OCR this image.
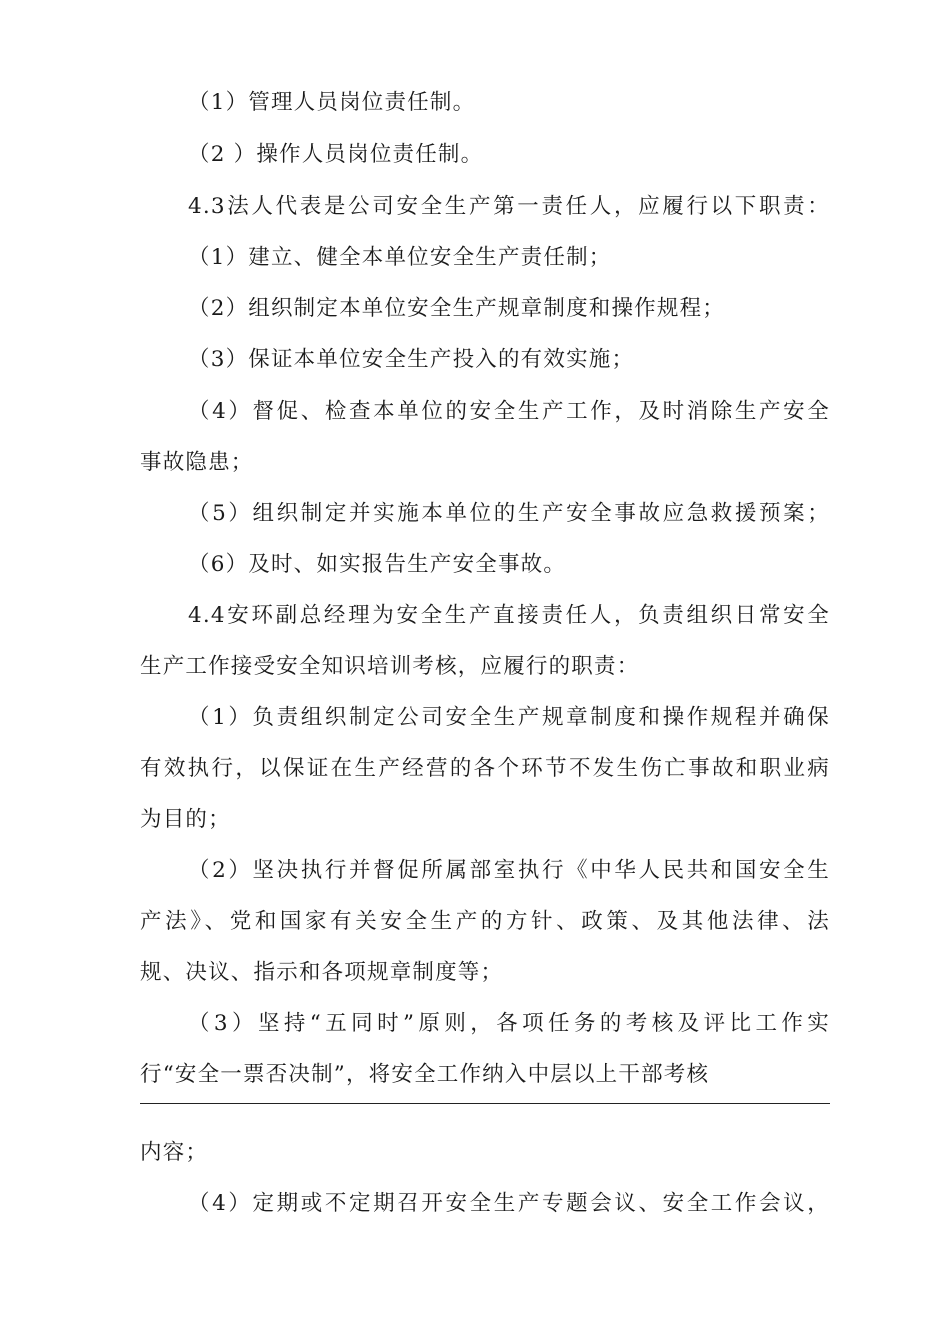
（1）管理人员岗位责任制。
（2 ）操作人员岗位责任制。
4.3法人代表是公司安全生产第一责任人，应履行以下职责：
（1）建立、健全本单位安全生产责任制；
（2）组织制定本单位安全生产规章制度和操作规程；
（3）保证本单位安全生产投入的有效实施；
（4）督促、检查本单位的安全生产工作，及时消除生产安全
事故隐患；
（5）组织制定并实施本单位的生产安全事故应急救援预案；
（6）及时、如实报告生产安全事故。
4.4安环副总经理为安全生产直接责任人，负责组织日常安全
生产工作接受安全知识培训考核，应履行的职责：
（1）负责组织制定公司安全生产规章制度和操作规程并确保
有效执行，以保证在生产经营的各个环节不发生伤亡事故和职业病
为目的；
（2）坚决执行并督促所属部室执行《中华人民共和国安全生
产法》、党和国家有关安全生产的方针、政策、及其他法律、法
规、决议、指示和各项规章制度等；
（3）坚持“五同时”原则，各项任务的考核及评比工作实
行“安全一票否决制”，将安全工作纳入中层以上干部考核
内容；
（4）定期或不定期召开安全生产专题会议、安全工作会议，
